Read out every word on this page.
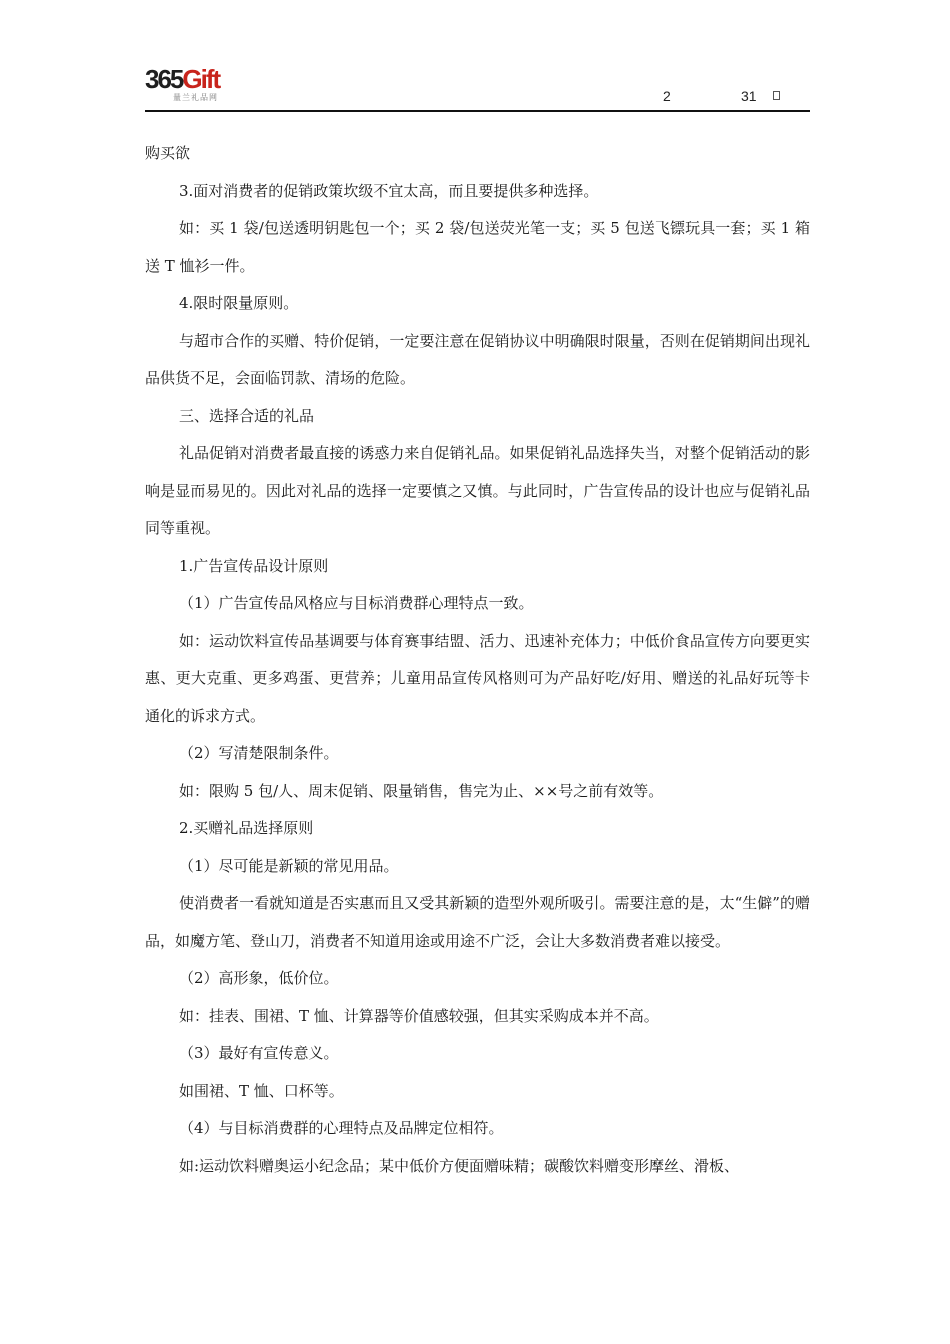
365Gift
量兰礼品网	2	31

购买欲

3.面对消费者的促销政策坎级不宜太高，而且要提供多种选择。

如：买 1 袋/包送透明钥匙包一个；买 2 袋/包送荧光笔一支；买 5 包送飞镖玩具一套；买 1 箱送 T 恤衫一件。

4.限时限量原则。

与超市合作的买赠、特价促销，一定要注意在促销协议中明确限时限量，否则在促销期间出现礼品供货不足，会面临罚款、清场的危险。

三、选择合适的礼品

礼品促销对消费者最直接的诱惑力来自促销礼品。如果促销礼品选择失当，对整个促销活动的影响是显而易见的。因此对礼品的选择一定要慎之又慎。与此同时，广告宣传品的设计也应与促销礼品同等重视。

1.广告宣传品设计原则

（1）广告宣传品风格应与目标消费群心理特点一致。

如：运动饮料宣传品基调要与体育赛事结盟、活力、迅速补充体力；中低价食品宣传方向要更实惠、更大克重、更多鸡蛋、更营养；儿童用品宣传风格则可为产品好吃/好用、赠送的礼品好玩等卡通化的诉求方式。

（2）写清楚限制条件。

如：限购 5 包/人、周末促销、限量销售，售完为止、××号之前有效等。

2.买赠礼品选择原则

（1）尽可能是新颖的常见用品。

使消费者一看就知道是否实惠而且又受其新颖的造型外观所吸引。需要注意的是，太“生僻”的赠品，如魔方笔、登山刀，消费者不知道用途或用途不广泛，会让大多数消费者难以接受。

（2）高形象，低价位。

如：挂表、围裙、T 恤、计算器等价值感较强，但其实采购成本并不高。

（3）最好有宣传意义。

如围裙、T 恤、口杯等。

（4）与目标消费群的心理特点及品牌定位相符。

如:运动饮料赠奥运小纪念品；某中低价方便面赠味精；碳酸饮料赠变形摩丝、滑板、
